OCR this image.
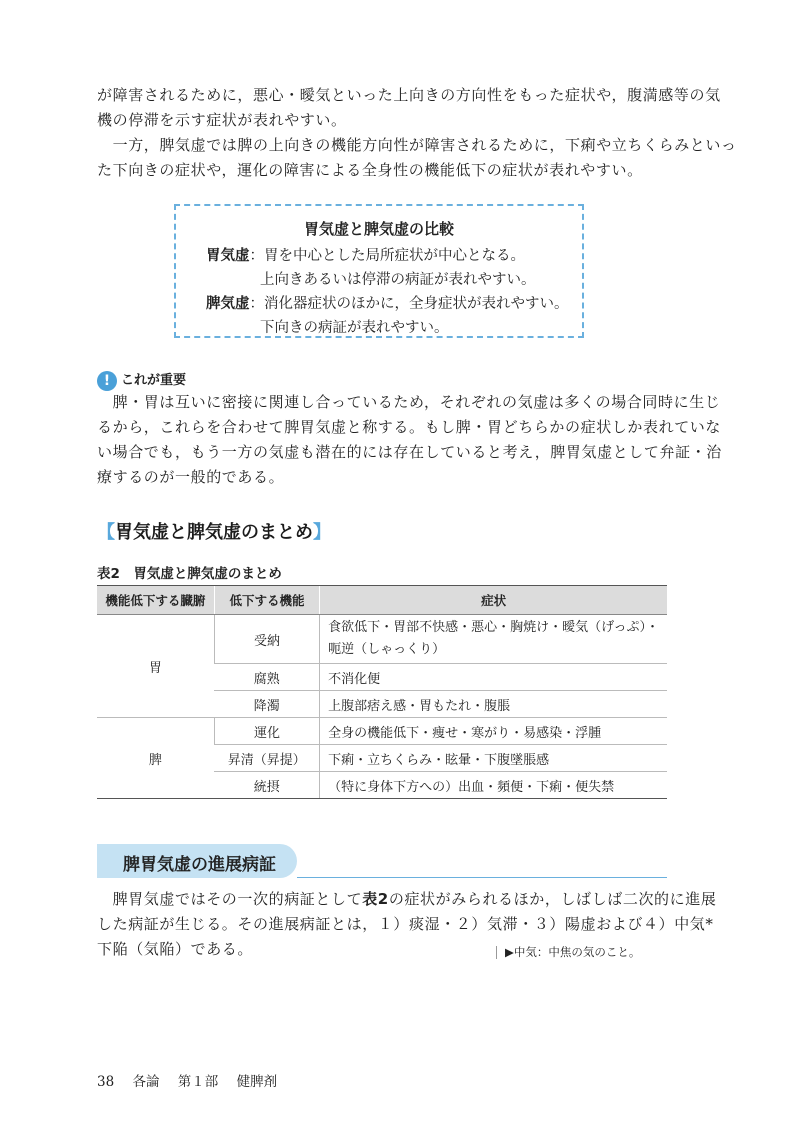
が障害されるために，悪心・曖気といった上向きの方向性をもった症状や，腹満感等の気
機の停滞を示す症状が表れやすい。
　一方，脾気虚では脾の上向きの機能方向性が障害されるために，下痢や立ちくらみといっ
た下向きの症状や，運化の障害による全身性の機能低下の症状が表れやすい。
胃気虚と脾気虚の比較
胃気虚：胃を中心とした局所症状が中心となる。
上向きあるいは停滞の病証が表れやすい。
脾気虚：消化器症状のほかに，全身症状が表れやすい。
下向きの病証が表れやすい。
! これが重要
　脾・胃は互いに密接に関連し合っているため，それぞれの気虚は多くの場合同時に生じ
るから，これらを合わせて脾胃気虚と称する。もし脾・胃どちらかの症状しか表れていな
い場合でも，もう一方の気虚も潜在的には存在していると考え，脾胃気虚として弁証・治
療するのが一般的である。
【胃気虚と脾気虚のまとめ】
表2　胃気虚と脾気虚のまとめ
機能低下する臓腑	低下する機能	症状
胃	受納	食欲低下・胃部不快感・悪心・胸焼け・曖気（げっぷ）・
呃逆（しゃっくり）

	腐熟	不消化便
	降濁	上腹部痞え感・胃もたれ・腹脹
脾	運化	全身の機能低下・痩せ・寒がり・易感染・浮腫
	昇清（昇提）	下痢・立ちくらみ・眩暈・下腹墜脹感
	統摂	（特に身体下方への）出血・頻便・下痢・便失禁
脾胃気虚の進展病証
　脾胃気虚ではその一次的病証として表2の症状がみられるほか，しばしば二次的に進展
した病証が生じる。その進展病証とは，１）痰湿・２）気滞・３）陽虚および４）中気*
下陥（気陥）である。	▶中気：中焦の気のこと。
38 各論 第１部 健脾剤
